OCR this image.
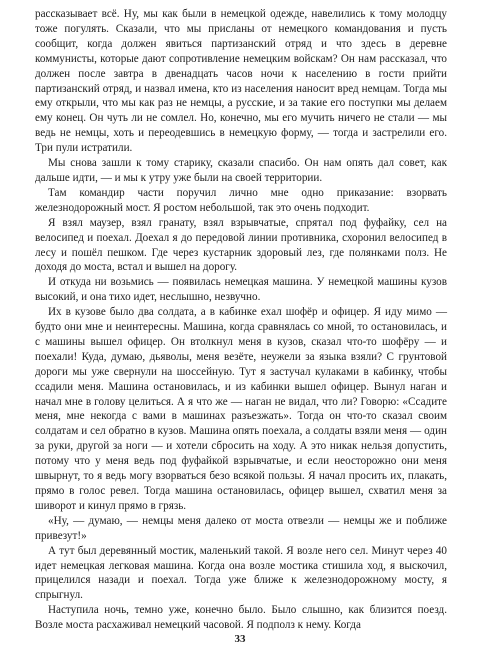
рассказывает всё. Ну, мы как были в немецкой одежде, навелились к тому молодцу тоже погулять. Сказали, что мы присланы от немецкого командования и пусть сообщит, когда должен явиться партизанский отряд и что здесь в деревне коммунисты, которые дают сопротивление немецким войскам? Он нам рассказал, что должен после завтра в двенадцать часов ночи к населению в гости прийти партизанский отряд, и назвал имена, кто из населения наносит вред немцам. Тогда мы ему открыли, что мы как раз не немцы, а русские, и за такие его поступки мы делаем ему конец. Он чуть ли не сомлел. Но, конечно, мы его мучить ничего не стали — мы ведь не немцы, хоть и переодевшись в немецкую форму, — тогда и застрелили его. Три пули истратили.

Мы снова зашли к тому старику, сказали спасибо. Он нам опять дал совет, как дальше идти, — и мы к утру уже были на своей территории.

Там командир части поручил лично мне одно приказание: взорвать железнодорожный мост. Я ростом небольшой, так это очень подходит.

Я взял маузер, взял гранату, взял взрывчатые, спрятал под фуфайку, сел на велосипед и поехал. Доехал я до передовой линии противника, схоронил велосипед в лесу и пошёл пешком. Где через кустарник здоровый лез, где полянками полз. Не доходя до моста, встал и вышел на дорогу.

И откуда ни возьмись — появилась немецкая машина. У немецкой машины кузов высокий, и она тихо идет, неслышно, незвучно.

Их в кузове было два солдата, а в кабинке ехал шофёр и офицер. Я иду мимо — будто они мне и неинтересны. Машина, когда сравнялась со мной, то остановилась, и с машины вышел офицер. Он втолкнул меня в кузов, сказал что-то шофёру — и поехали! Куда, думаю, дьяволы, меня везёте, неужели за языка взяли? С грунтовой дороги мы уже свернули на шоссейную. Тут я застучал кулаками в кабинку, чтобы ссадили меня. Машина остановилась, и из кабинки вышел офицер. Вынул наган и начал мне в голову целиться. А я что же — наган не видал, что ли? Говорю: «Ссадите меня, мне некогда с вами в машинах разъезжать». Тогда он что-то сказал своим солдатам и сел обратно в кузов. Машина опять поехала, а солдаты взяли меня — один за руки, другой за ноги — и хотели сбросить на ходу. А это никак нельзя допустить, потому что у меня ведь под фуфайкой взрывчатые, и если неосторожно они меня швырнут, то я ведь могу взорваться безо всякой пользы. Я начал просить их, плакать, прямо в голос ревел. Тогда машина остановилась, офицер вышел, схватил меня за шиворот и кинул прямо в грязь.

«Ну, — думаю, — немцы меня далеко от моста отвезли — немцы же и поближе привезут!»

А тут был деревянный мостик, маленький такой. Я возле него сел. Минут через 40 идет немецкая легковая машина. Когда она возле мостика стишила ход, я выскочил, прицелился назади и поехал. Тогда уже ближе к железнодорожному мосту, я спрыгнул.

Наступила ночь, темно уже, конечно было. Было слышно, как близится поезд. Возле моста расхаживал немецкий часовой. Я подполз к нему. Когда

33
